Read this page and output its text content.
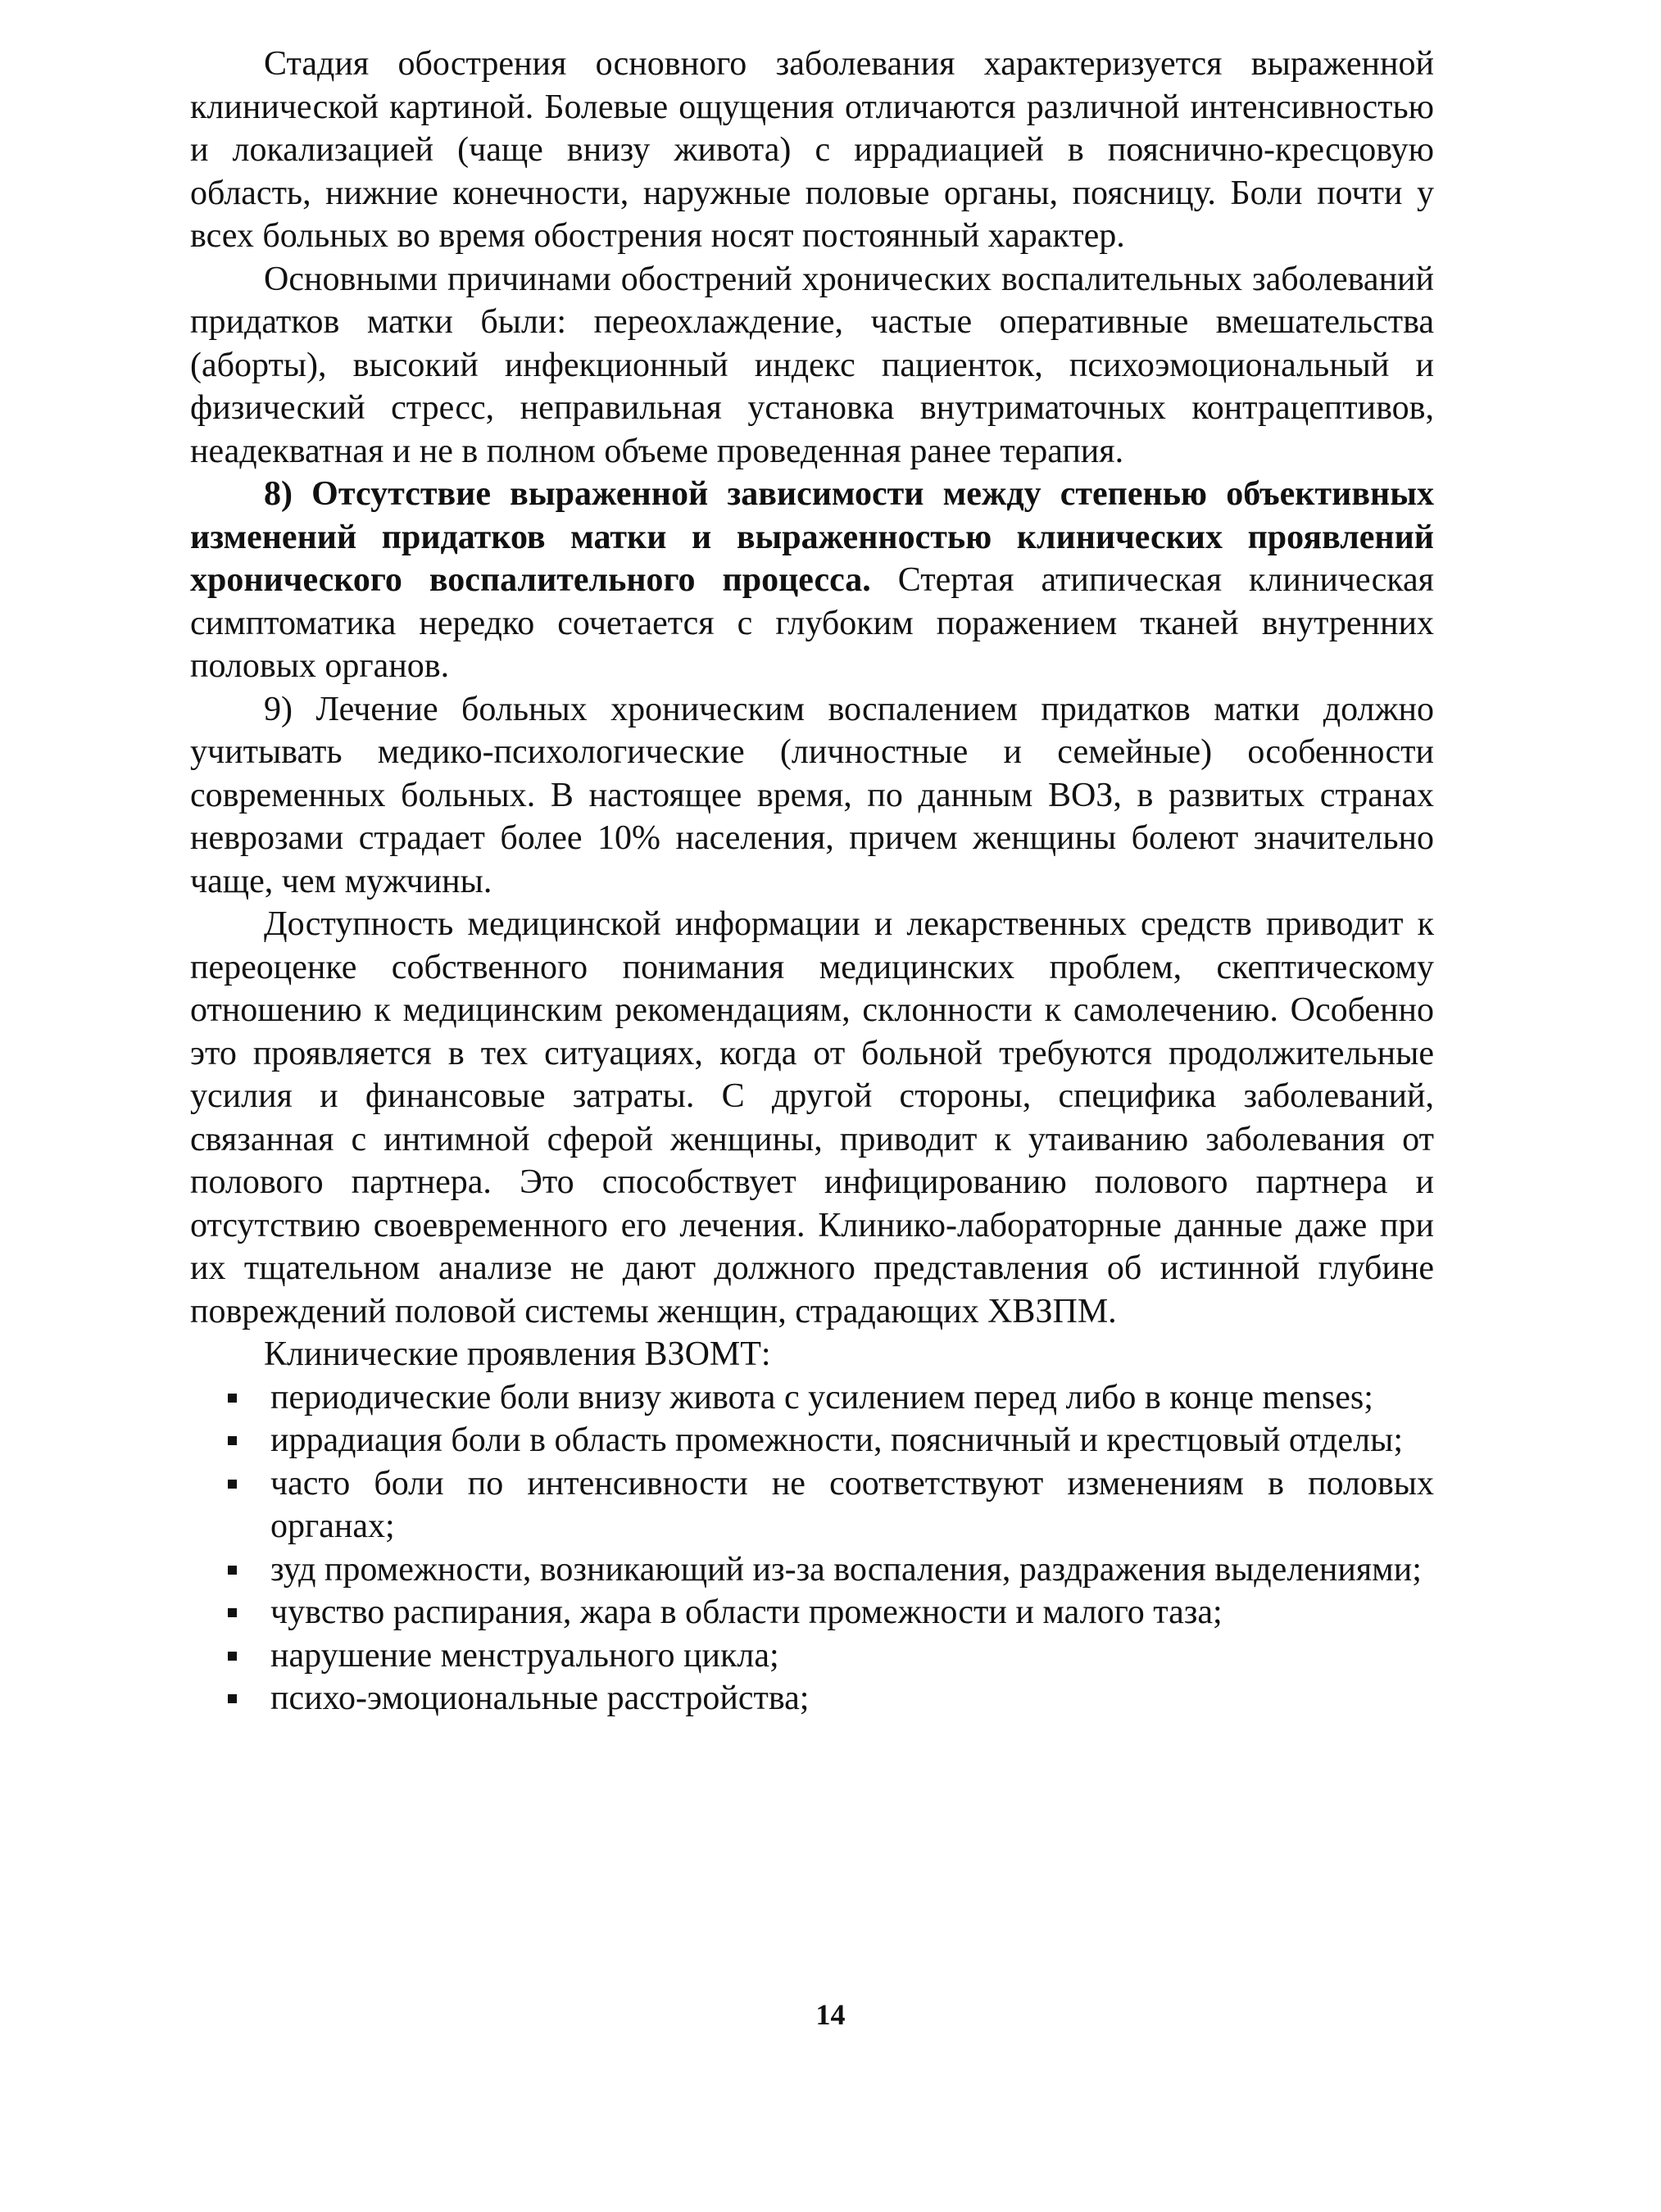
Стадия обострения основного заболевания характеризуется выраженной клинической картиной. Болевые ощущения отличаются различной интенсивностью и локализацией (чаще внизу живота) с иррадиацией в пояснично-кресцовую область, нижние конечности, наружные половые органы, поясницу. Боли почти у всех больных во время обострения носят постоянный характер.

Основными причинами обострений хронических воспалительных заболеваний придатков матки были: переохлаждение, частые оперативные вмешательства (аборты), высокий инфекционный индекс пациенток, психоэмоциональный и физический стресс, неправильная установка внутриматочных контрацептивов, неадекватная и не в полном объеме проведенная ранее терапия.

8) Отсутствие выраженной зависимости между степенью объективных изменений придатков матки и выраженностью клинических проявлений хронического воспалительного процесса. Стертая атипическая клиническая симптоматика нередко сочетается с глубоким поражением тканей внутренних половых органов.

9) Лечение больных хроническим воспалением придатков матки должно учитывать медико-психологические (личностные и семейные) особенности современных больных. В настоящее время, по данным ВОЗ, в развитых странах неврозами страдает более 10% населения, причем женщины болеют значительно чаще, чем мужчины.

Доступность медицинской информации и лекарственных средств приводит к переоценке собственного понимания медицинских проблем, скептическому отношению к медицинским рекомендациям, склонности к самолечению. Особенно это проявляется в тех ситуациях, когда от больной требуются продолжительные усилия и финансовые затраты. С другой стороны, специфика заболеваний, связанная с интимной сферой женщины, приводит к утаиванию заболевания от полового партнера. Это способствует инфицированию полового партнера и отсутствию своевременного его лечения. Клинико-лабораторные данные даже при их тщательном анализе не дают должного представления об истинной глубине повреждений половой системы женщин, страдающих ХВЗПМ.

Клинические проявления ВЗОМТ:

периодические боли внизу живота с усилением перед либо в конце menses;
иррадиация боли в область промежности, поясничный и крестцовый отделы;
часто боли по интенсивности не соответствуют изменениям в половых органах;
зуд промежности, возникающий из-за воспаления, раздражения выделениями;
чувство распирания, жара в области промежности и малого таза;
нарушение менструального цикла;
психо-эмоциональные расстройства;
14
